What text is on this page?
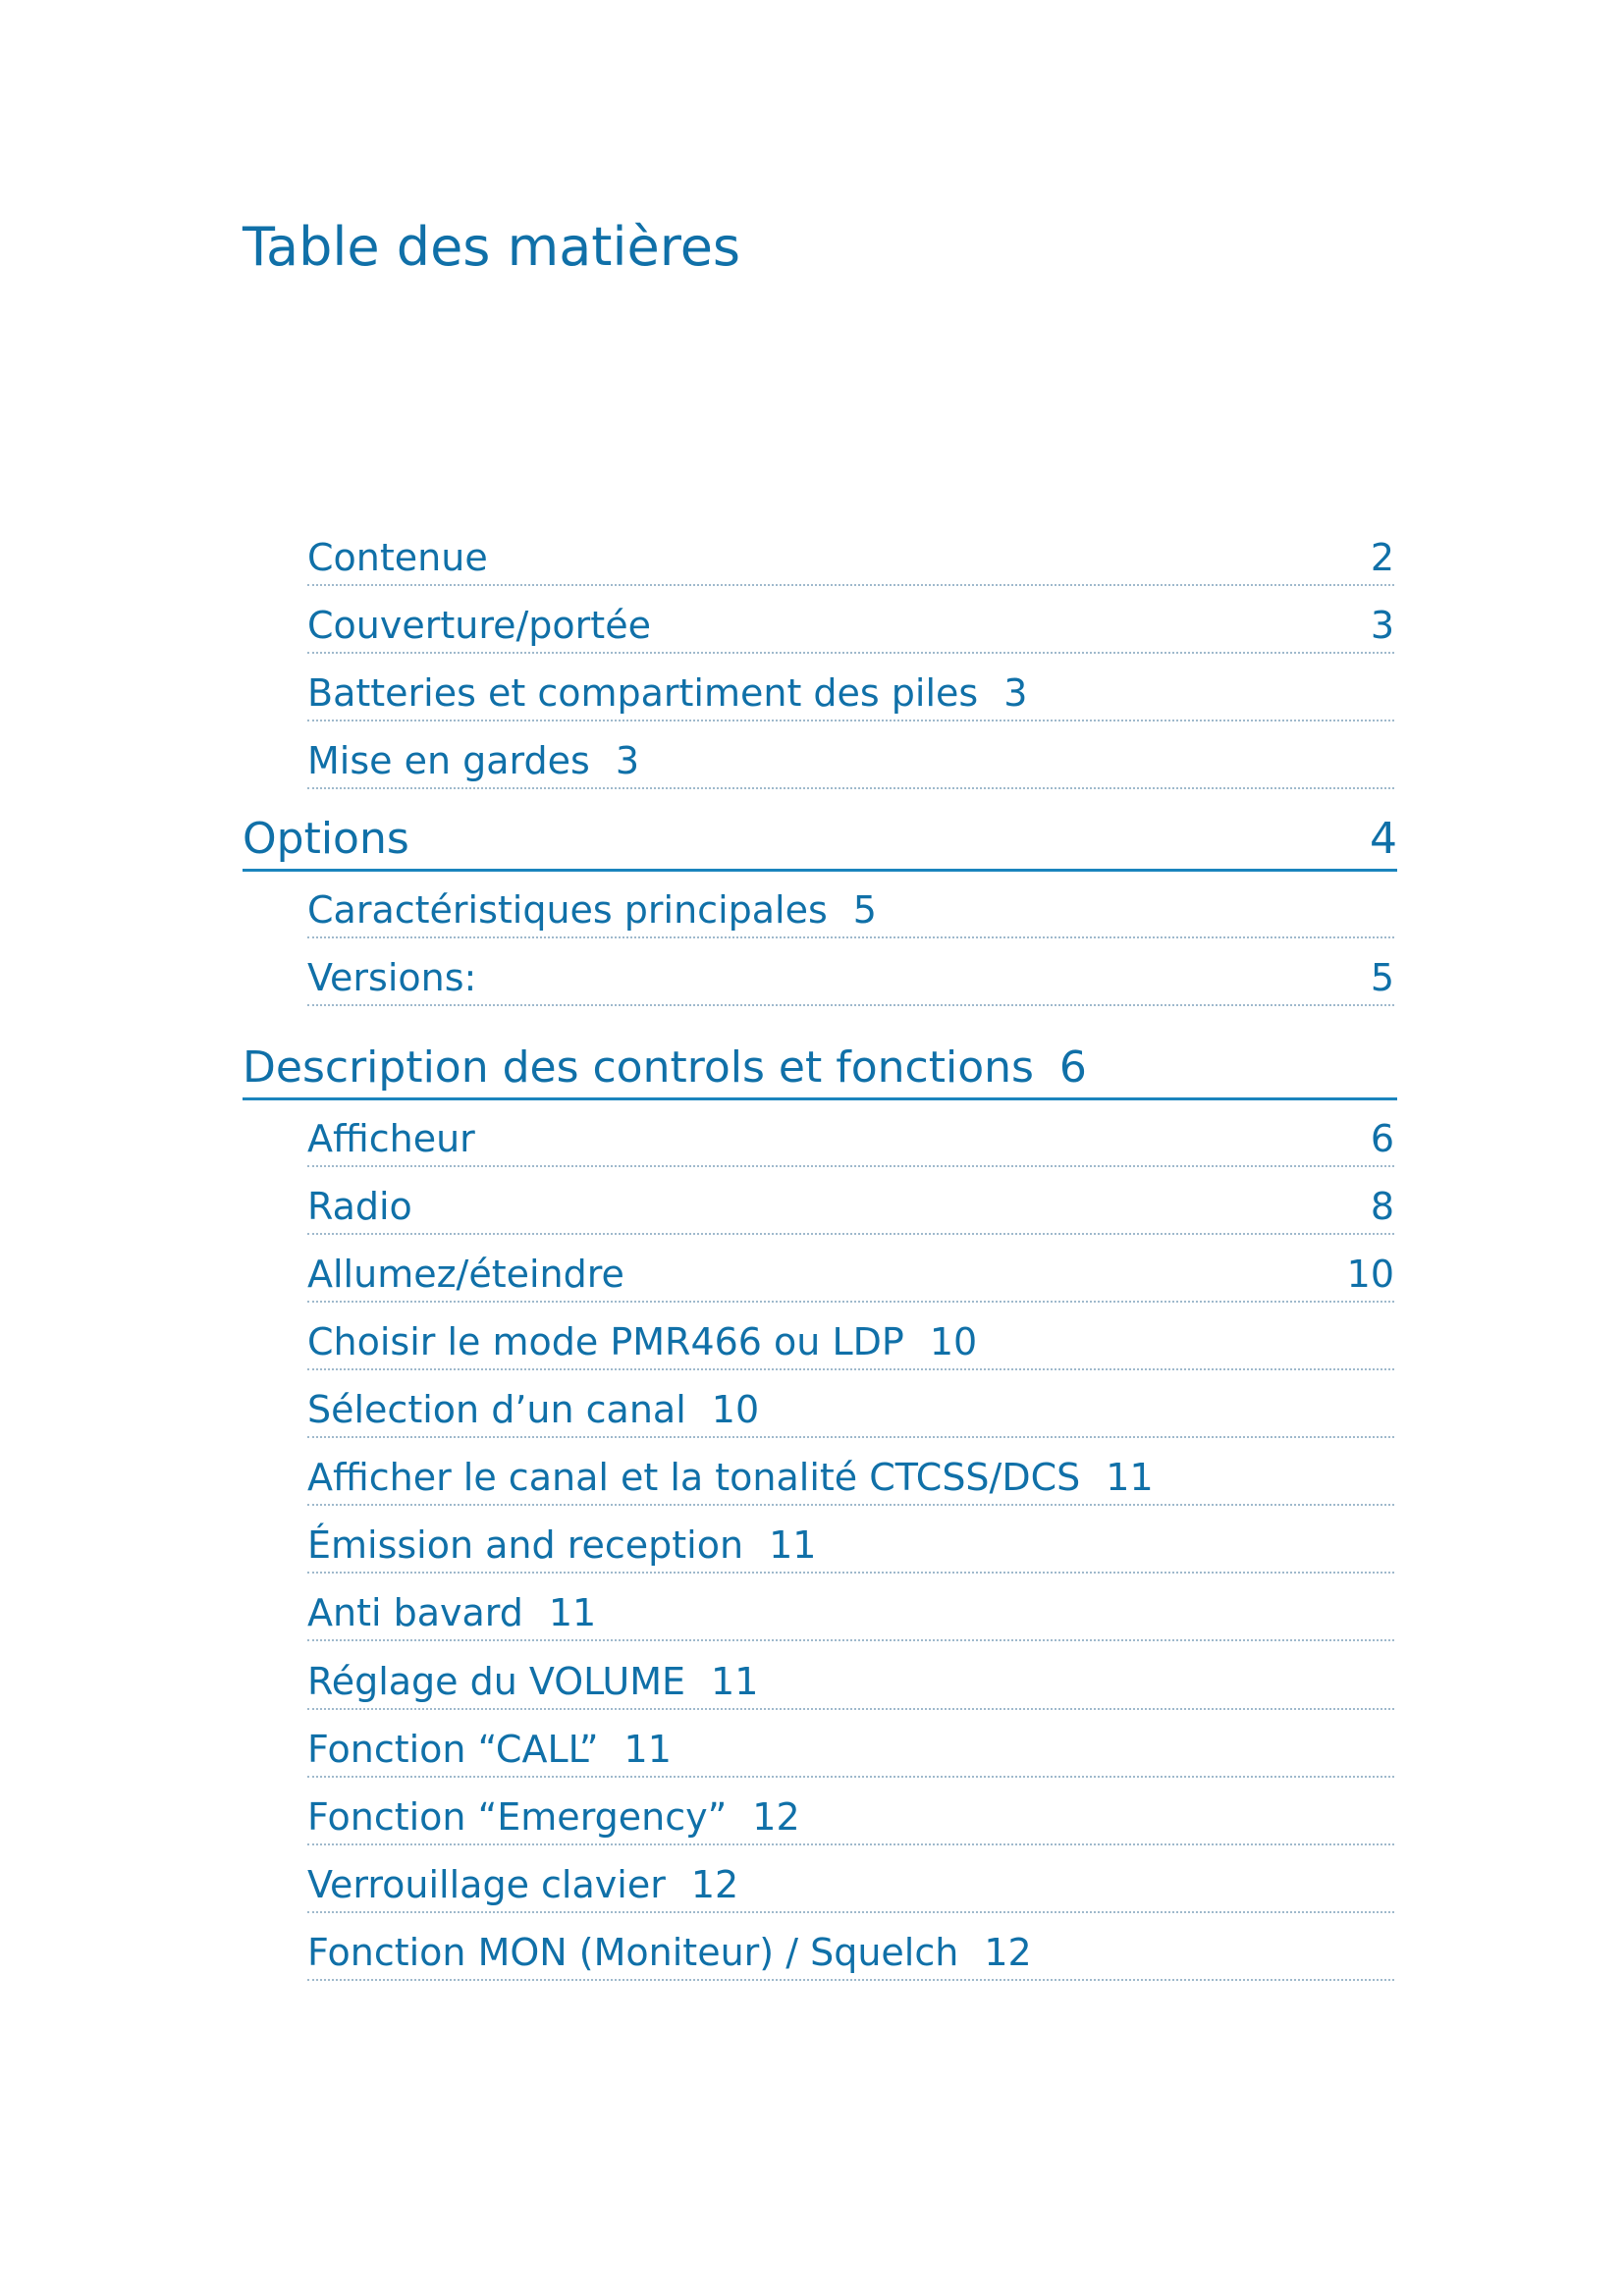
Table des matières
Contenue	2
Couverture/portée	3
Batteries et compartiment des piles 3
Mise en gardes 3
Options	4
Caractéristiques principales 5
Versions:	5
Description des controls et fonctions 6
Afficheur	6
Radio	8
Allumez/éteindre	10
Choisir le mode PMR466 ou LDP 10
Sélection d’un canal 10
Afficher le canal et la tonalité CTCSS/DCS 11
Émission and reception 11
Anti bavard 11
Réglage du VOLUME 11
Fonction “CALL” 11
Fonction “Emergency” 12
Verrouillage clavier 12
Fonction MON (Moniteur) / Squelch 12
